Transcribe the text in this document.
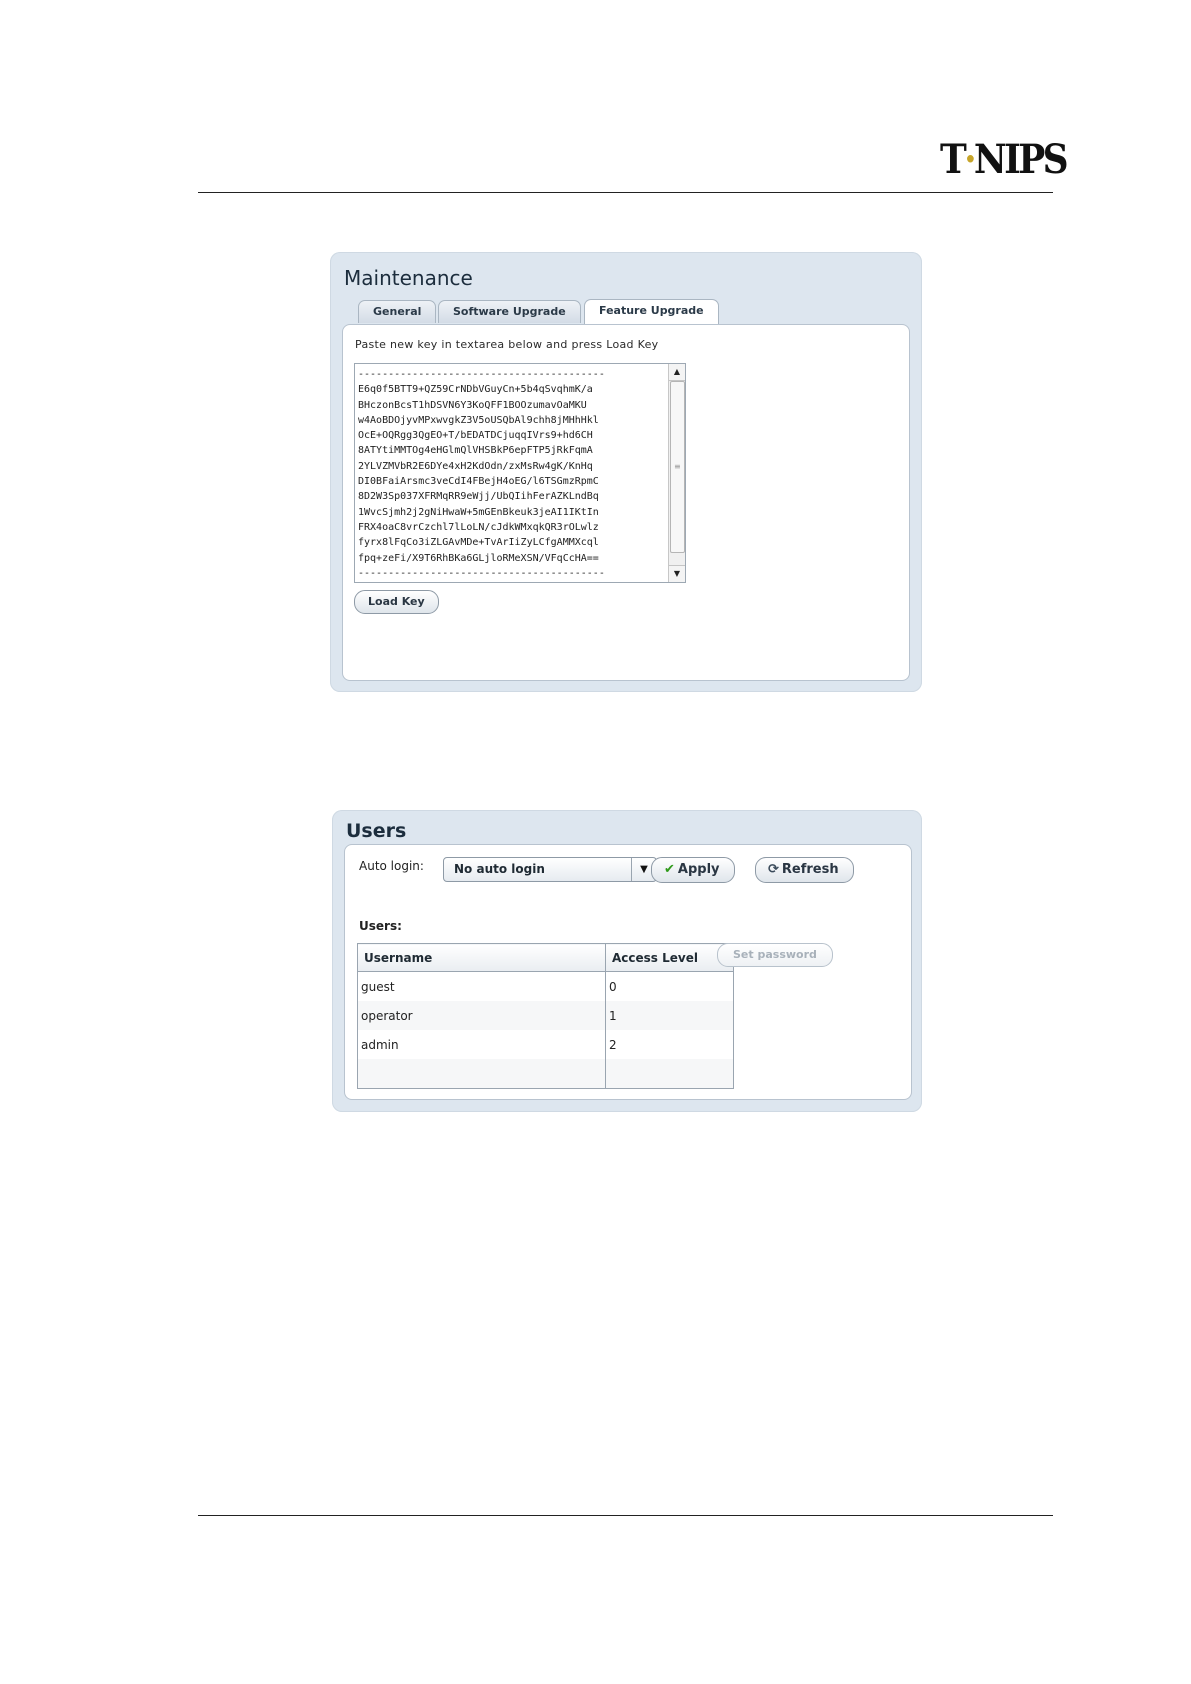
T·NIPS
Maintenance
General	Software Upgrade	Feature Upgrade
Paste new key in textarea below and press Load Key
-----------------------------------------
E6q0f5BTT9+QZ59CrNDbVGuyCn+5b4qSvqhmK/a
BHczonBcsT1hDSVN6Y3KoQFF1BOOzumavOaMKU
w4AoBDOjyvMPxwvgkZ3V5oUSQbAl9chh8jMHhHkl
OcE+OQRgg3QgEO+T/bEDATDCjuqqIVrs9+hd6CH
8ATYtiMMTOg4eHGlmQlVHSBkP6epFTP5jRkFqmA
2YLVZMVbR2E6DYe4xH2KdOdn/zxMsRw4gK/KnHq
DI0BFaiArsmc3veCdI4FBejH4oEG/l6TSGmzRpmC
8D2W3Sp037XFRMqRR9eWjj/UbQIihFerAZKLndBq
1WvcSjmh2j2gNiHwaW+5mGEnBkeuk3jeAI1IKtIn
FRX4oaC8vrCzchl7lLoLN/cJdkWMxqkQR3rOLwlz
fyrx8lFqCo3iZLGAvMDe+TvArIiZyLCfgAMMXcql
fpq+zeFi/X9T6RhBKa6GLjloRMeXSN/VFqCcHA==
-----------------------------------------
▲
≡
▼
Load Key
Users
Auto login:	No auto login	▼	✔ Apply	⟳ Refresh
Users:
Username	Access Level
guest	0
operator	1
admin	2

Set password
